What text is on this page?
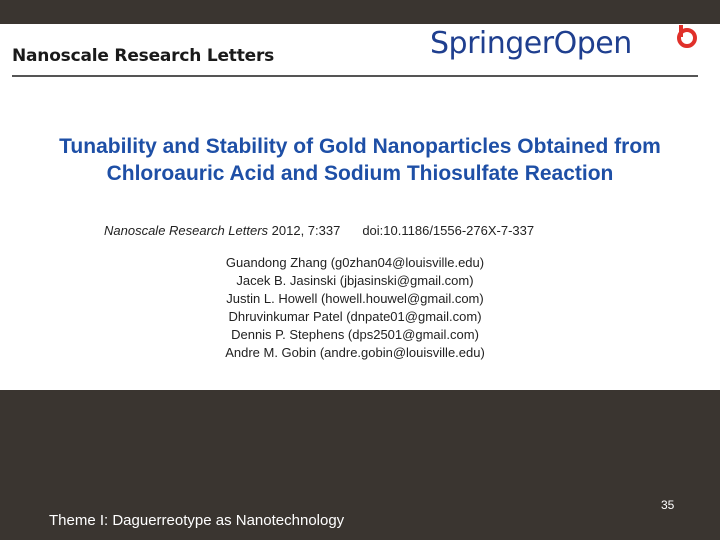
Nanoscale Research Letters	SpringerOpen
Tunability and Stability of Gold Nanoparticles Obtained from
Chloroauric Acid and Sodium Thiosulfate Reaction
Nanoscale Research Letters 2012, 7:337 doi:10.1186/1556-276X-7-337
Guandong Zhang (g0zhan04@louisville.edu)
Jacek B. Jasinski (jbjasinski@gmail.com)
Justin L. Howell (howell.houwel@gmail.com)
Dhruvinkumar Patel (dnpate01@gmail.com)
Dennis P. Stephens (dps2501@gmail.com)
Andre M. Gobin (andre.gobin@louisville.edu)
35
Theme I: Daguerreotype as Nanotechnology
